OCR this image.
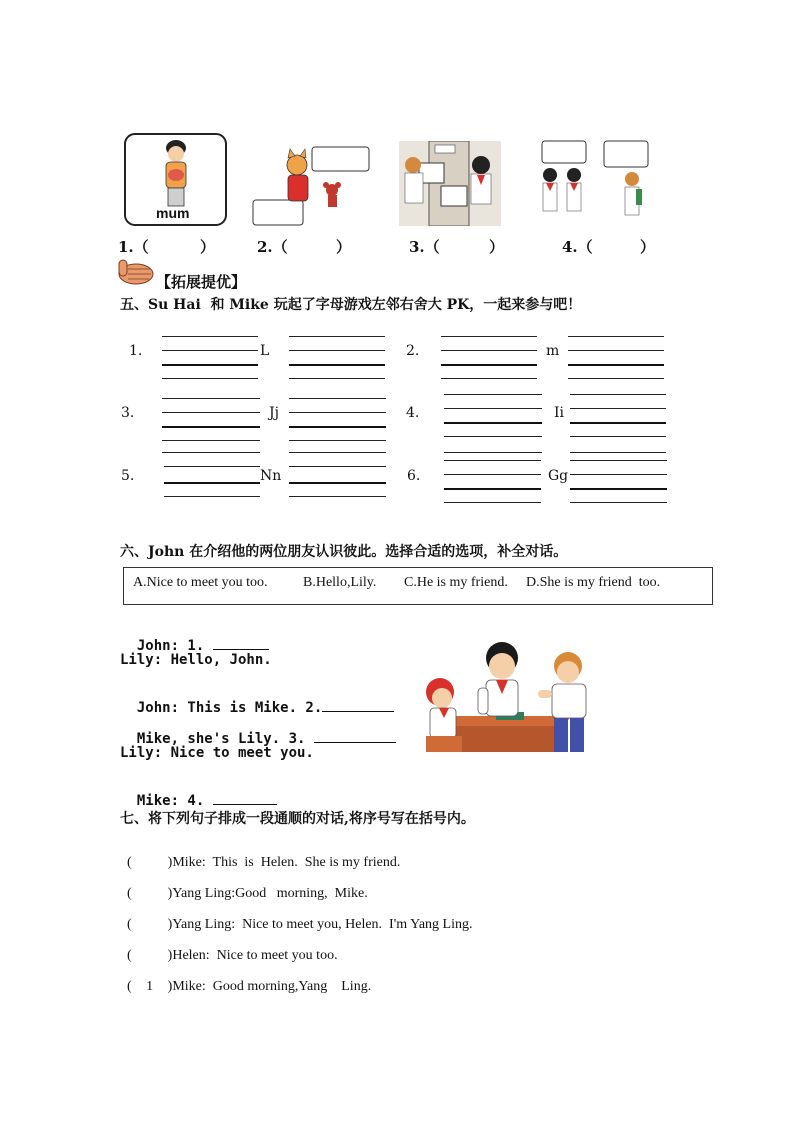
mum
1.（	）	2.（	）	3.（	）	4.（	）
【拓展提优】
五、Su Hai  和 Mike 玩起了字母游戏左邻右舍大 PK，一起来参与吧！
1.	L	2.	m
3.	Jj	4.	Ii
5.	Nn	6.	Gg
六、John 在介绍他的两位朋友认识彼此。选择合适的选项，补全对话。
A.Nice to meet you too.	B.Hello,Lily. C.He is my friend. D.She is my friend  too.

John: 1.

Lily: Hello, John.

John: This is Mike. 2.

Mike, she's Lily. 3.

Lily: Nice to meet you.

Mike: 4.

七、将下列句子排成一段通顺的对话,将序号写在括号内。

(	)Mike:  This  is  Helen.  She is my friend.

(	)Yang Ling:Good   morning,  Mike.

(	)Yang Ling:  Nice to meet you, Helen.  I'm Yang Ling.

(	)Helen:  Nice to meet you too.

( 1 )Mike:  Good morning,Yang    Ling.
